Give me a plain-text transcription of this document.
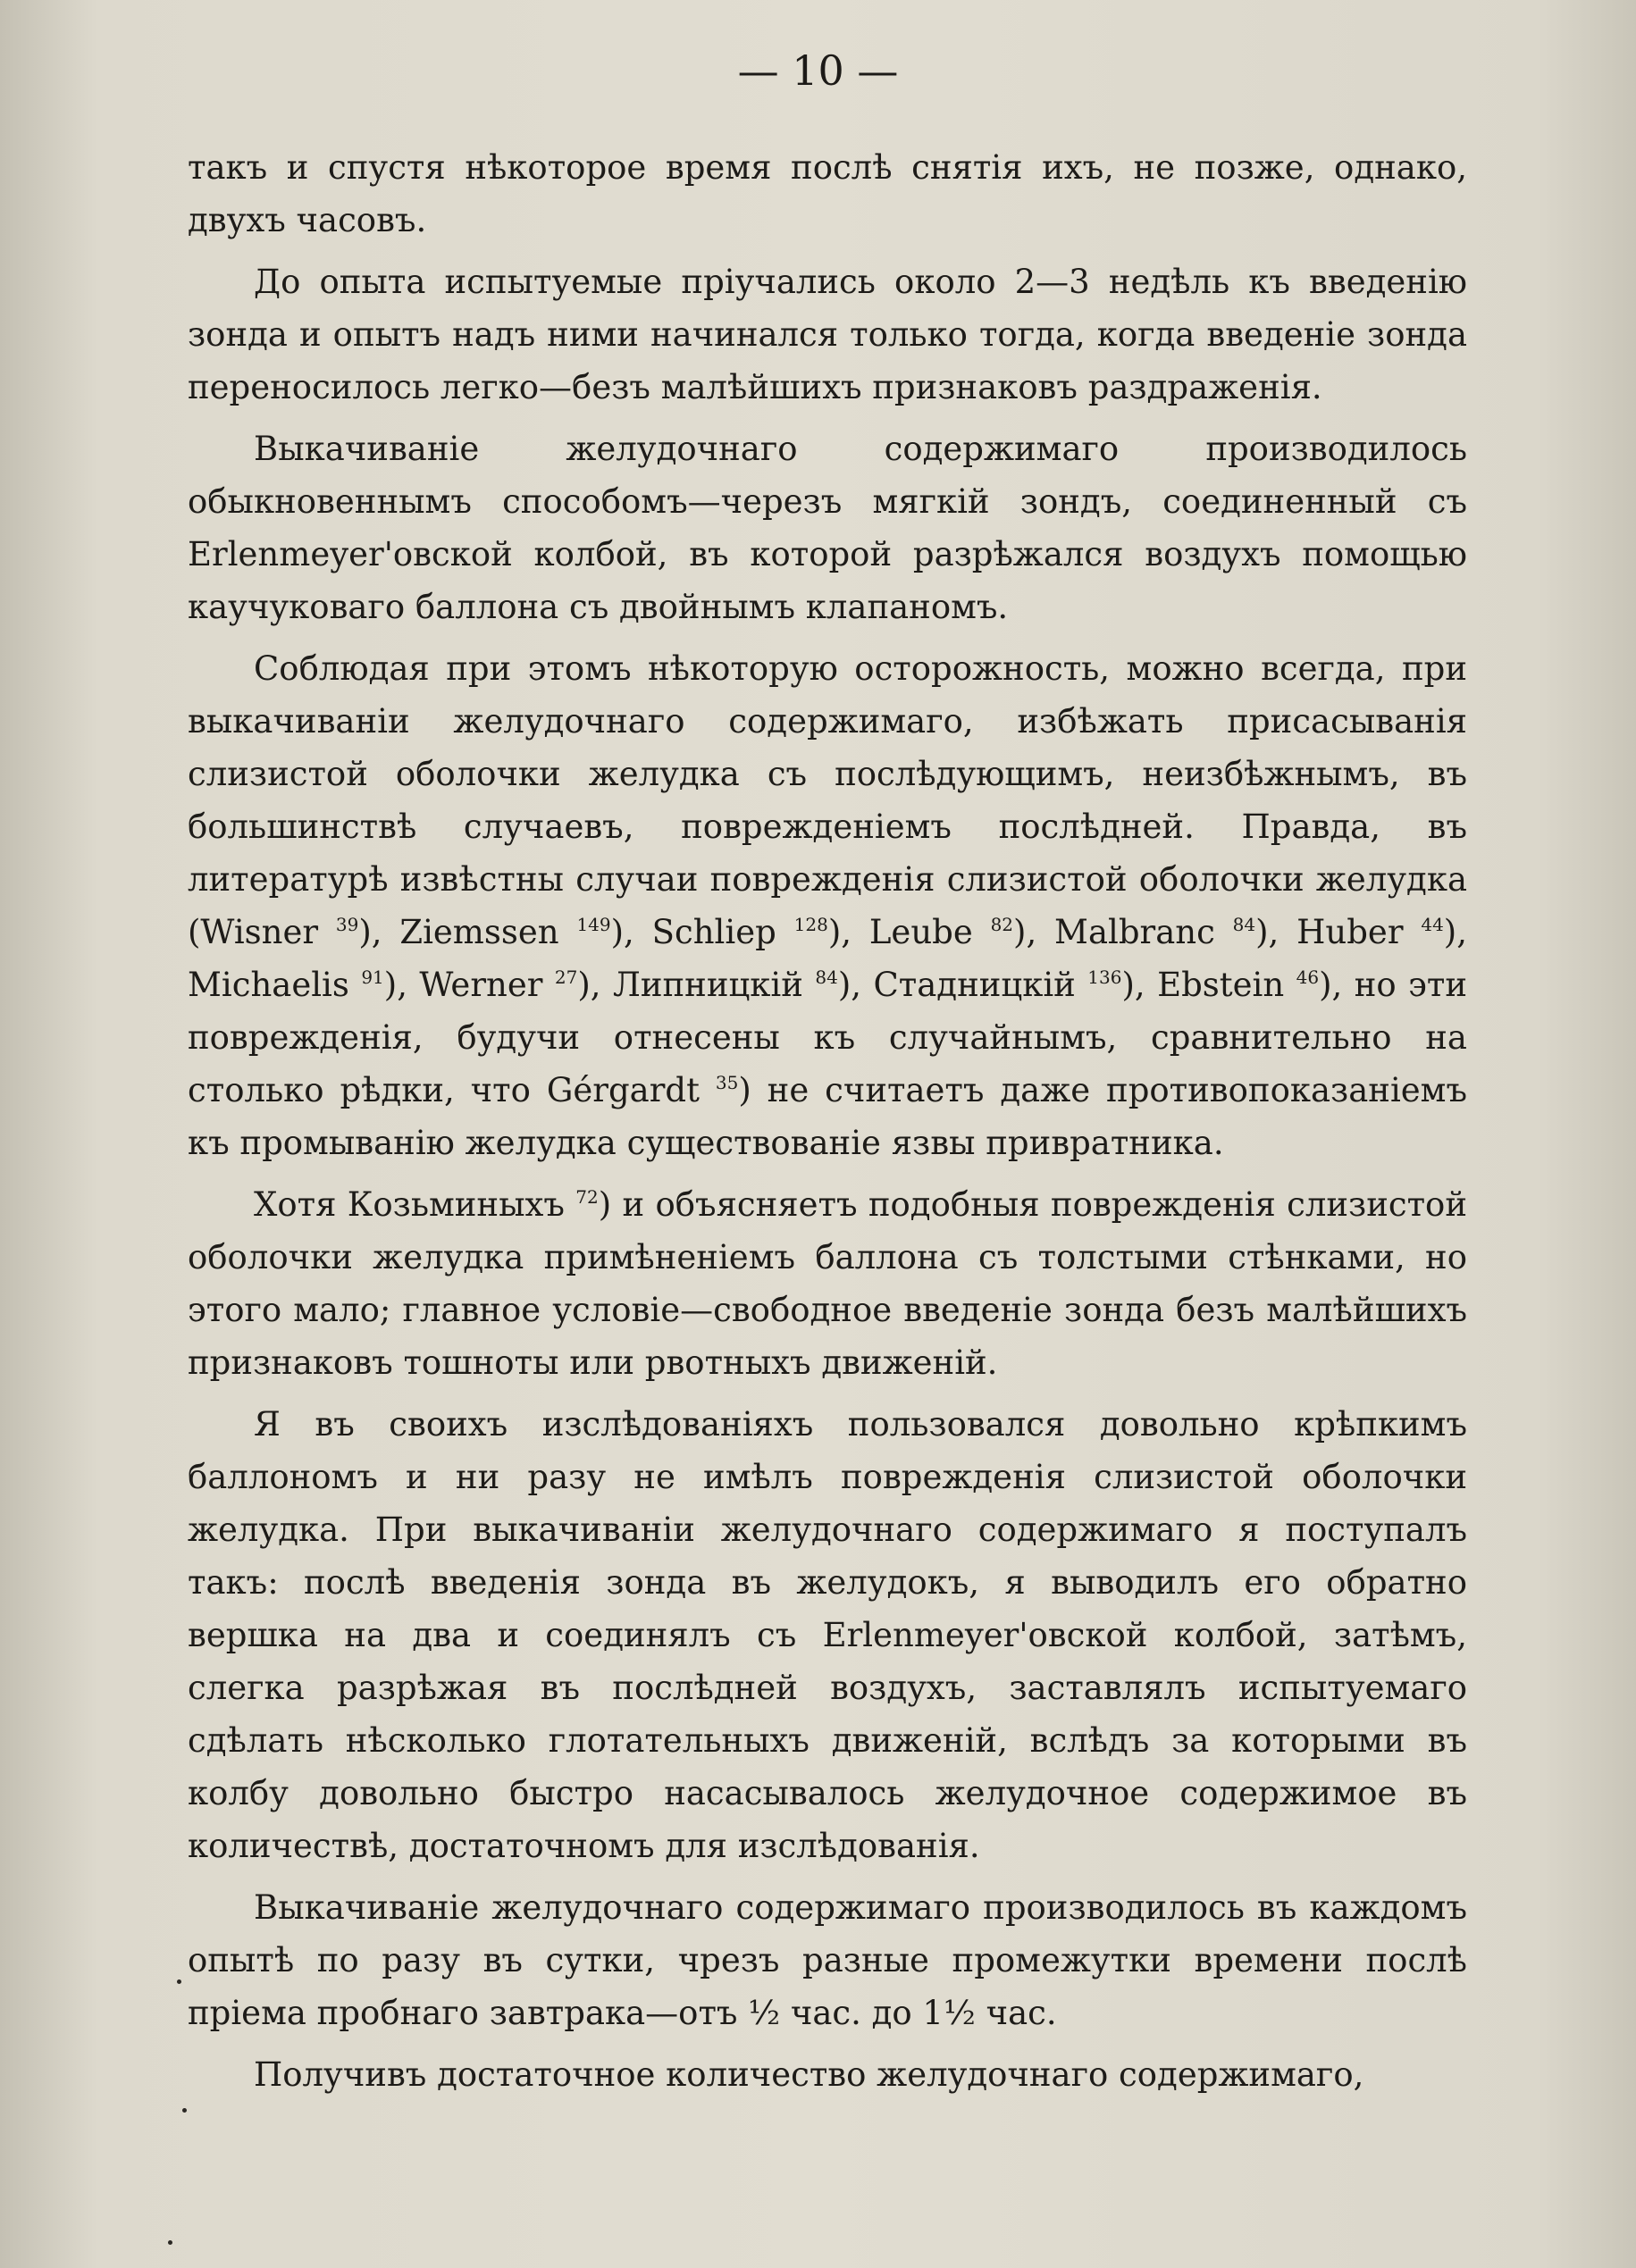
— 10 —

такъ и спустя нѣкоторое время послѣ снятія ихъ, не позже, однако, двухъ часовъ.

До опыта испытуемые пріучались около 2—3 недѣль къ введенію зонда и опытъ надъ ними начинался только тогда, когда введеніе зонда переносилось легко—безъ малѣйшихъ признаковъ раздраженія.

Выкачиваніе желудочнаго содержимаго производилось обыкновеннымъ способомъ—черезъ мягкій зондъ, соединенный съ Erlenmeyer'овской колбой, въ которой разрѣжался воздухъ помощью каучуковаго баллона съ двойнымъ клапаномъ.

Соблюдая при этомъ нѣкоторую осторожность, можно всегда, при выкачиваніи желудочнаго содержимаго, избѣжать присасыванія слизистой оболочки желудка съ послѣдующимъ, неизбѣжнымъ, въ большинствѣ случаевъ, поврежденіемъ послѣдней. Правда, въ литературѣ извѣстны случаи поврежденія слизистой оболочки желудка (Wisner $^{39}$), Ziemssen $^{149}$), Schliep $^{128}$), Leube $^{82}$), Malbranc $^{84}$), Huber $^{44}$), Michaelis $^{91}$), Werner $^{27}$), Липницкій $^{84}$), Стадницкій $^{136}$), Ebstein $^{46}$), но эти поврежденія, будучи отнесены къ случайнымъ, сравнительно на столько рѣдки, что Gérgardt $^{35}$) не считаетъ даже противопоказаніемъ къ промыванію желудка существованіе язвы привратника.

Хотя Козьминыхъ $^{72}$) и объясняетъ подобныя поврежденія слизистой оболочки желудка примѣненіемъ баллона съ толстыми стѣнками, но этого мало; главное условіе—свободное введеніе зонда безъ малѣйшихъ признаковъ тошноты или рвотныхъ движеній.

Я въ своихъ изслѣдованіяхъ пользовался довольно крѣпкимъ баллономъ и ни разу не имѣлъ поврежденія слизистой оболочки желудка. При выкачиваніи желудочнаго содержимаго я поступалъ такъ: послѣ введенія зонда въ желудокъ, я выводилъ его обратно вершка на два и соединялъ съ Erlenmeyer'овской колбой, затѣмъ, слегка разрѣжая въ послѣдней воздухъ, заставлялъ испытуемаго сдѣлать нѣсколько глотательныхъ движеній, вслѣдъ за которыми въ колбу довольно быстро насасывалось желудочное содержимое въ количествѣ, достаточномъ для изслѣдованія.

Выкачиваніе желудочнаго содержимаго производилось въ каждомъ опытѣ по разу въ сутки, чрезъ разные промежутки времени послѣ пріема пробнаго завтрака—отъ ½ час. до 1½ час.

Получивъ достаточное количество желудочнаго содержимаго,
